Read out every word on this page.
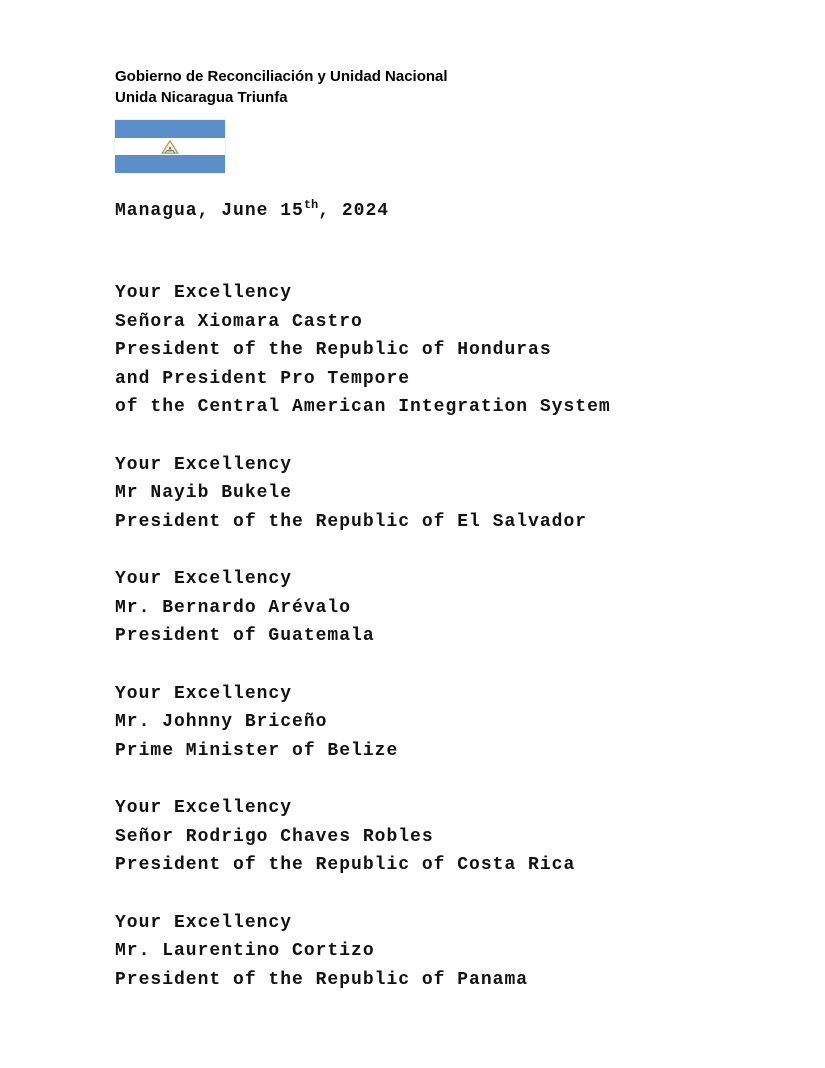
Gobierno de Reconciliación y Unidad Nacional
Unida Nicaragua Triunfa
Managua, June 15th, 2024
Your Excellency
Señora Xiomara Castro
President of the Republic of Honduras
and President Pro Tempore
of the Central American Integration System
Your Excellency
Mr Nayib Bukele
President of the Republic of El Salvador
Your Excellency
Mr. Bernardo Arévalo
President of Guatemala
Your Excellency
Mr. Johnny Briceño
Prime Minister of Belize
Your Excellency
Señor Rodrigo Chaves Robles
President of the Republic of Costa Rica
Your Excellency
Mr. Laurentino Cortizo
President of the Republic of Panama
